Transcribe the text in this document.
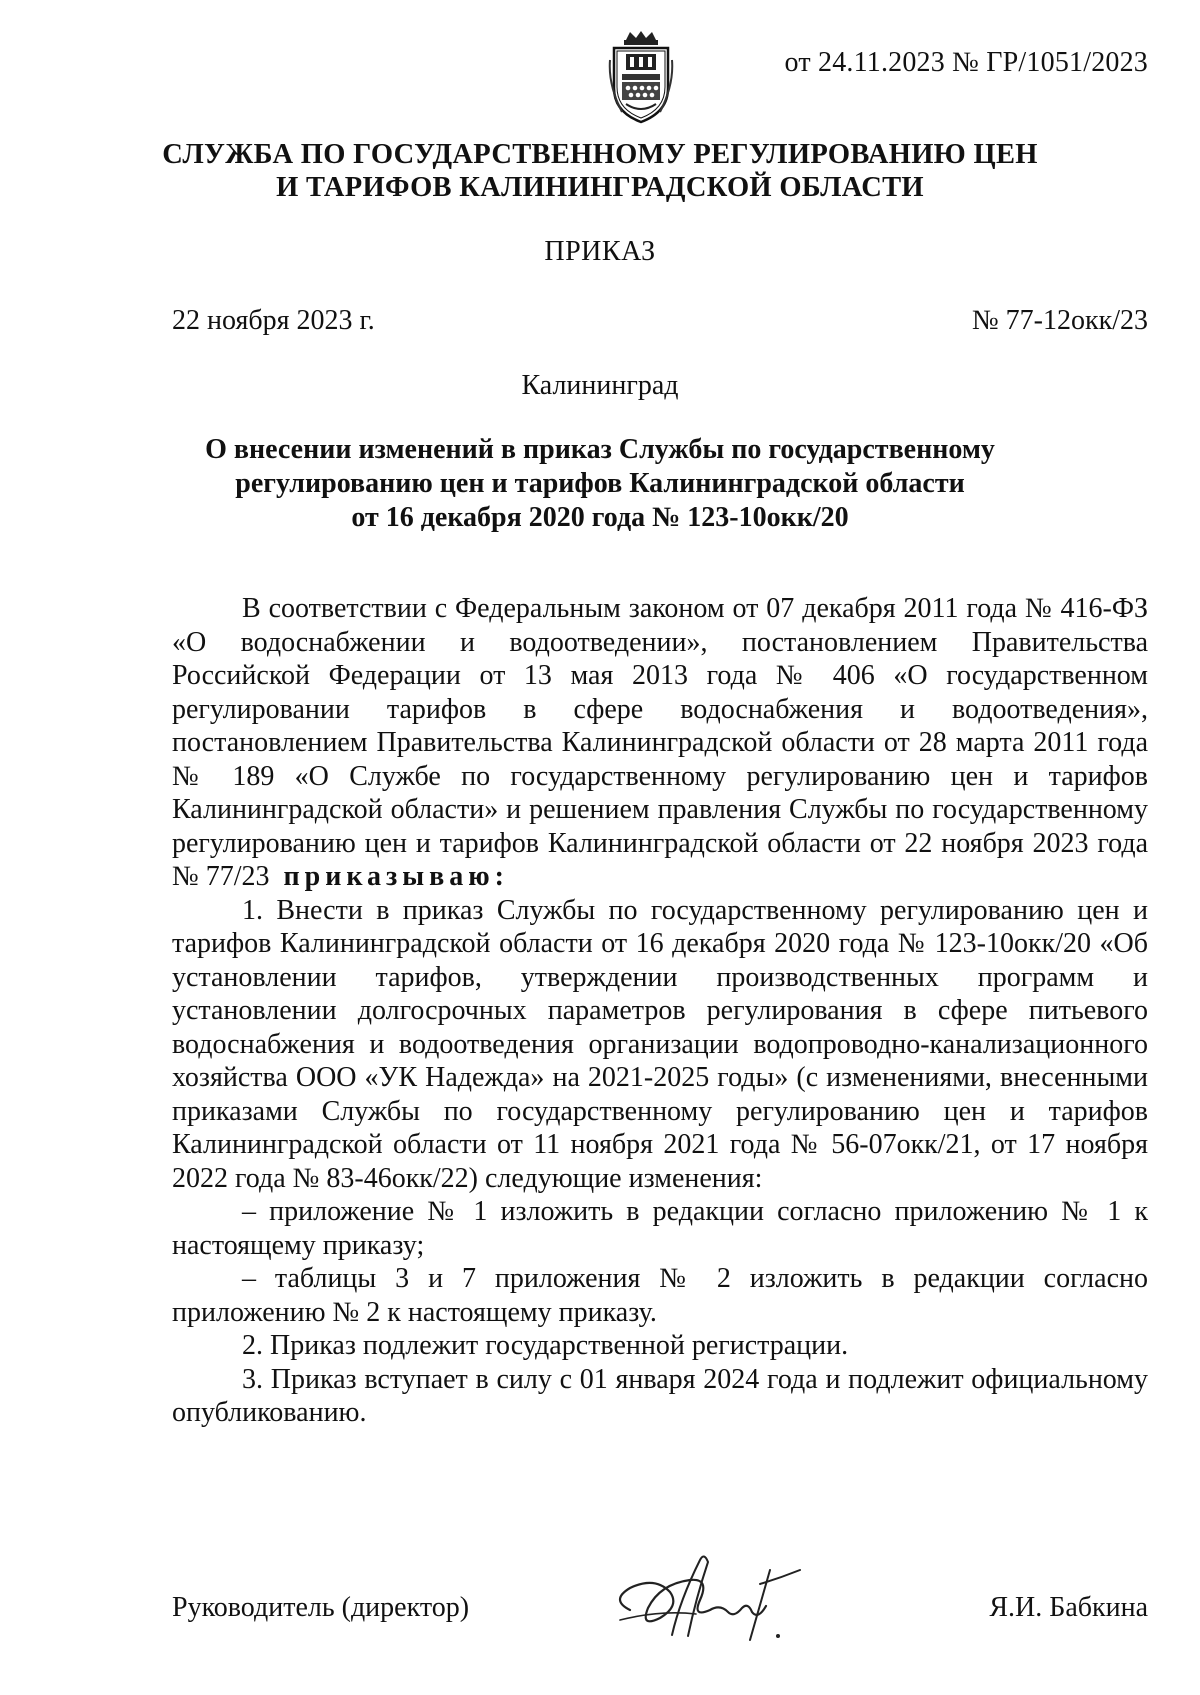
от 24.11.2023 № ГР/1051/2023
СЛУЖБА ПО ГОСУДАРСТВЕННОМУ РЕГУЛИРОВАНИЮ ЦЕН
И ТАРИФОВ КАЛИНИНГРАДСКОЙ ОБЛАСТИ
ПРИКАЗ
22 ноября 2023 г.	№ 77-12окк/23
Калининград
О внесении изменений в приказ Службы по государственному
регулированию цен и тарифов Калининградской области
от 16 декабря 2020 года № 123-10окк/20

В соответствии с Федеральным законом от 07 декабря 2011 года № 416-ФЗ «О водоснабжении и водоотведении», постановлением Правительства Российской Федерации от 13 мая 2013 года № 406 «О государственном регулировании тарифов в сфере водоснабжения и водоотведения», постановлением Правительства Калининградской области от 28 марта 2011 года № 189 «О Службе по государственному регулированию цен и тарифов Калининградской области» и решением правления Службы по государственному регулированию цен и тарифов Калининградской области от 22 ноября 2023 года № 77/23 приказываю:

1. Внести в приказ Службы по государственному регулированию цен и тарифов Калининградской области от 16 декабря 2020 года № 123-10окк/20 «Об установлении тарифов, утверждении производственных программ и установлении долгосрочных параметров регулирования в сфере питьевого водоснабжения и водоотведения организации водопроводно-канализационного хозяйства ООО «УК Надежда» на 2021-2025 годы» (с изменениями, внесенными приказами Службы по государственному регулированию цен и тарифов Калининградской области от 11 ноября 2021 года № 56-07окк/21, от 17 ноября 2022 года № 83-46окк/22) следующие изменения:

– приложение № 1 изложить в редакции согласно приложению № 1 к настоящему приказу;

– таблицы 3 и 7 приложения № 2 изложить в редакции согласно приложению № 2 к настоящему приказу.

2. Приказ подлежит государственной регистрации.

3. Приказ вступает в силу с 01 января 2024 года и подлежит официальному опубликованию.

Руководитель (директор)	Я.И. Бабкина
